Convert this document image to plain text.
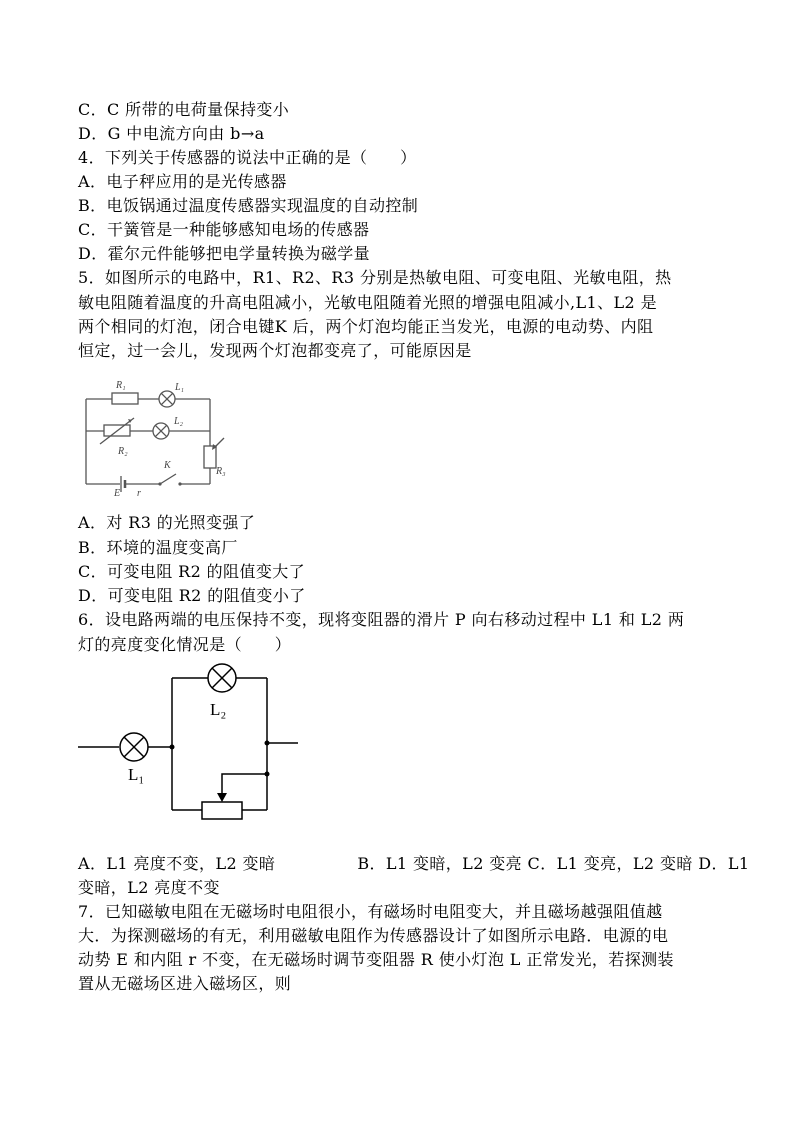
C．C 所带的电荷量保持变小
D．G 中电流方向由 b→a
4．下列关于传感器的说法中正确的是（　　）
A．电子秤应用的是光传感器
B．电饭锅通过温度传感器实现温度的自动控制
C．干簧管是一种能够感知电场的传感器
D．霍尔元件能够把电学量转换为磁学量
5．如图所示的电路中，R1、R2、R3 分别是热敏电阻、可变电阻、光敏电阻，热
敏电阻随着温度的升高电阻减小，光敏电阻随着光照的增强电阻减小,L1、L2 是
两个相同的灯泡，闭合电键K 后，两个灯泡均能正当发光，电源的电动势、内阻
恒定，过一会儿，发现两个灯泡都变亮了，可能原因是
R₁	L₁
L₂
R₂
R₃
K
E r
A．对 R3 的光照变强了
B．环境的温度变高厂
C．可变电阻 R2 的阻值变大了
D．可变电阻 R2 的阻值变小了
6．设电路两端的电压保持不变，现将变阻器的滑片 P 向右移动过程中 L1 和 L2 两
灯的亮度变化情况是（　　）
L₂
L₁
A．L1 亮度不变，L2 变暗　　　　　B．L1 变暗，L2 变亮 C．L1 变亮，L2 变暗 D．L1
变暗，L2 亮度不变
7．已知磁敏电阻在无磁场时电阻很小，有磁场时电阻变大，并且磁场越强阻值越
大．为探测磁场的有无，利用磁敏电阻作为传感器设计了如图所示电路．电源的电
动势 E 和内阻 r 不变，在无磁场时调节变阻器 R 使小灯泡 L 正常发光，若探测装
置从无磁场区进入磁场区，则
